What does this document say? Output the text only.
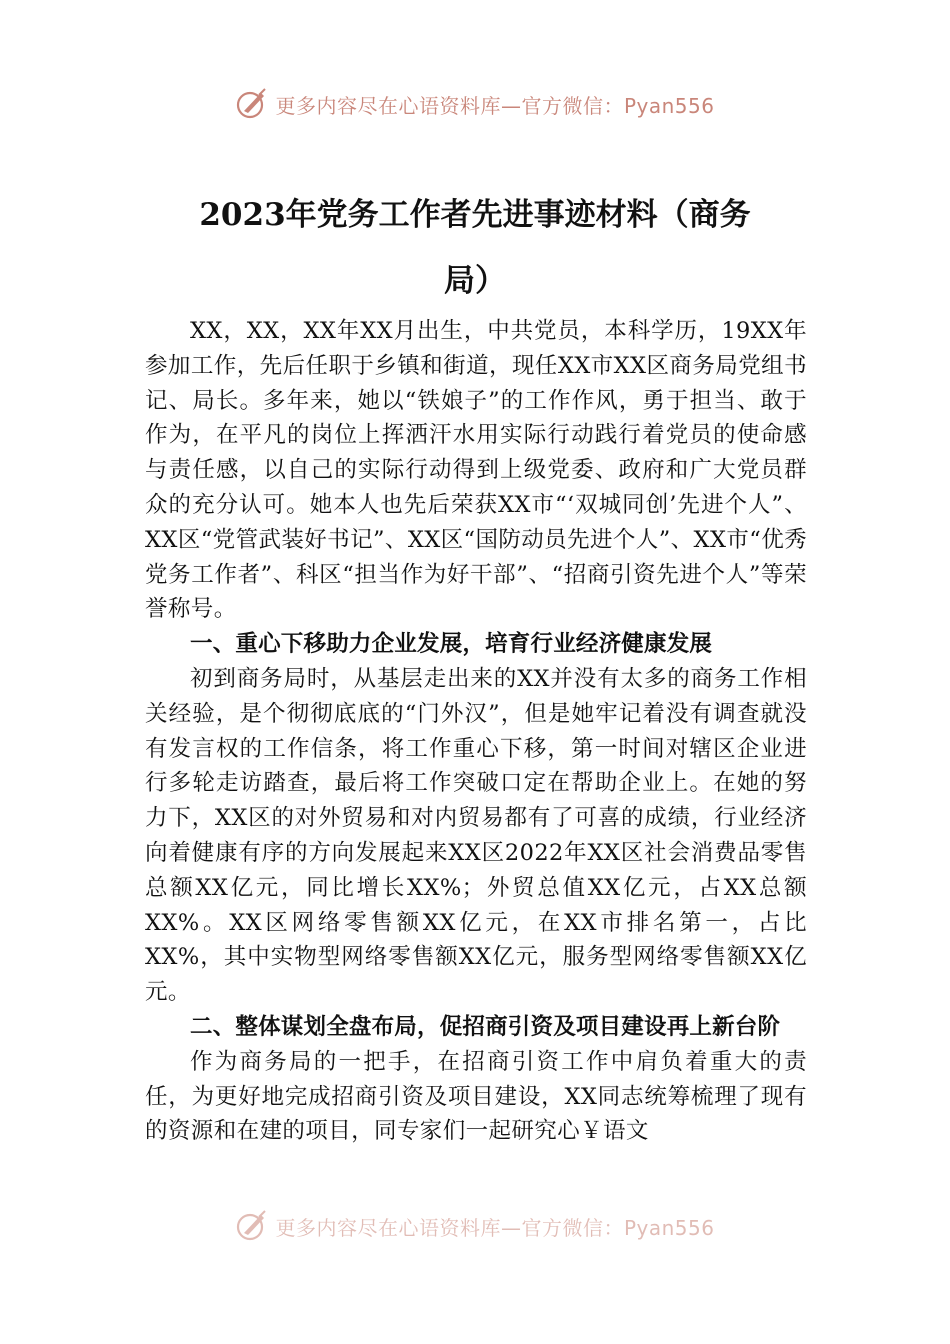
更多内容尽在心语资料库—官方微信：Pyan556
2023年党务工作者先进事迹材料（商务
局）

XX，XX，XX年XX月出生，中共党员，本科学历，19XX年参加工作，先后任职于乡镇和街道，现任XX市XX区商务局党组书记、局长。多年来，她以“铁娘子”的工作作风，勇于担当、敢于作为，在平凡的岗位上挥洒汗水用实际行动践行着党员的使命感与责任感，以自己的实际行动得到上级党委、政府和广大党员群众的充分认可。她本人也先后荣获XX市“‘双城同创’先进个人”、XX区“党管武装好书记”、XX区“国防动员先进个人”、XX市“优秀党务工作者”、科区“担当作为好干部”、“招商引资先进个人”等荣誉称号。

一、重心下移助力企业发展，培育行业经济健康发展

初到商务局时，从基层走出来的XX并没有太多的商务工作相关经验，是个彻彻底底的“门外汉”，但是她牢记着没有调查就没有发言权的工作信条，将工作重心下移，第一时间对辖区企业进行多轮走访踏查，最后将工作突破口定在帮助企业上。在她的努力下，XX区的对外贸易和对内贸易都有了可喜的成绩，行业经济向着健康有序的方向发展起来XX区2022年XX区社会消费品零售总额XX亿元，同比增长XX%；外贸总值XX亿元，占XX总额XX%。XX区网络零售额XX亿元，在XX市排名第一，占比XX%，其中实物型网络零售额XX亿元，服务型网络零售额XX亿元。

二、整体谋划全盘布局，促招商引资及项目建设再上新台阶

作为商务局的一把手，在招商引资工作中肩负着重大的责任，为更好地完成招商引资及项目建设，XX同志统筹梳理了现有的资源和在建的项目，同专家们一起研究心￥语文

更多内容尽在心语资料库—官方微信：Pyan556
